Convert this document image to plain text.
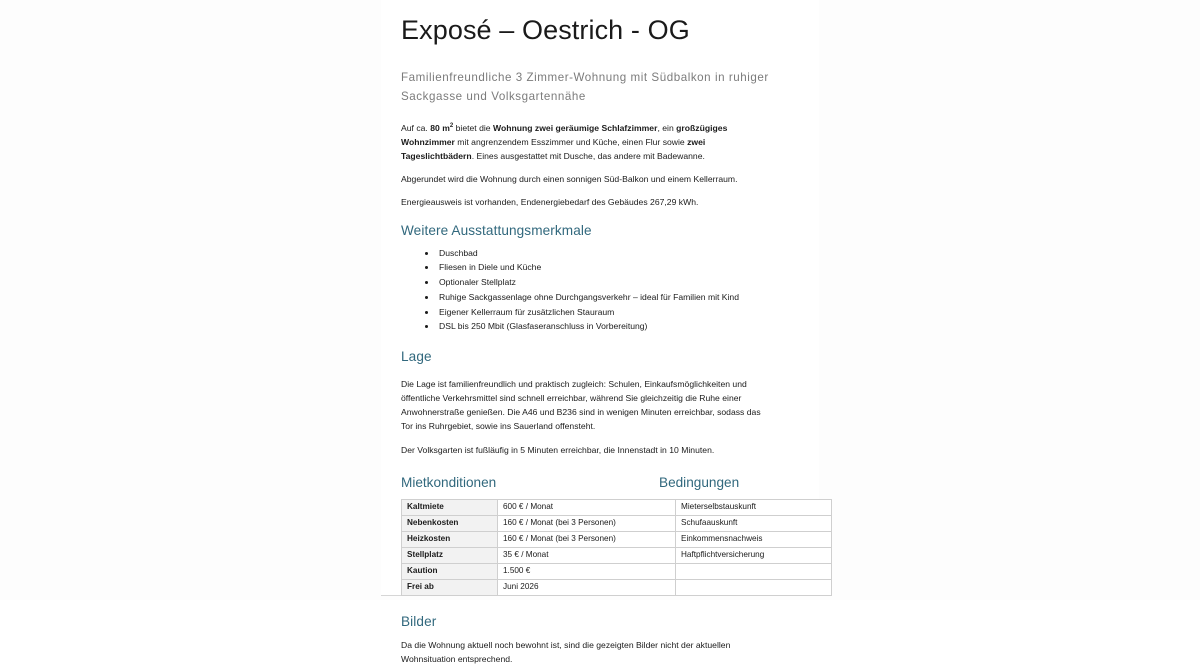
Exposé – Oestrich - OG

Familienfreundliche 3 Zimmer-Wohnung mit Südbalkon in ruhiger Sackgasse und Volksgartennähe

Auf ca. 80 $m^2$ bietet die Wohnung zwei geräumige Schlafzimmer, ein großzügiges Wohnzimmer mit angrenzendem Esszimmer und Küche, einen Flur sowie zwei Tageslichtbädern. Eines ausgestattet mit Dusche, das andere mit Badewanne.

Abgerundet wird die Wohnung durch einen sonnigen Süd-Balkon und einem Kellerraum.

Energieausweis ist vorhanden, Endenergiebedarf des Gebäudes 267,29 kWh.

Weitere Ausstattungsmerkmale
Duschbad
Fliesen in Diele und Küche
Optionaler Stellplatz
Ruhige Sackgassenlage ohne Durchgangsverkehr – ideal für Familien mit Kind
Eigener Kellerraum für zusätzlichen Stauraum
DSL bis 250 Mbit (Glasfaseranschluss in Vorbereitung)
Lage

Die Lage ist familienfreundlich und praktisch zugleich: Schulen, Einkaufsmöglichkeiten und öffentliche Verkehrsmittel sind schnell erreichbar, während Sie gleichzeitig die Ruhe einer Anwohnerstraße genießen. Die A46 und B236 sind in wenigen Minuten erreichbar, sodass das Tor ins Ruhrgebiet, sowie ins Sauerland offensteht.

Der Volksgarten ist fußläufig in 5 Minuten erreichbar, die Innenstadt in 10 Minuten.

Mietkonditionen	Bedingungen
Kaltmiete	600 € / Monat	Mieterselbstauskunft
Nebenkosten	160 € / Monat (bei 3 Personen)	Schufaauskunft
Heizkosten	160 € / Monat (bei 3 Personen)	Einkommensnachweis
Stellplatz	35 € / Monat	Haftpflichtversicherung
Kaution	1.500 €	
Frei ab	Juni 2026	
Bilder

Da die Wohnung aktuell noch bewohnt ist, sind die gezeigten Bilder nicht der aktuellen Wohnsituation entsprechend.
